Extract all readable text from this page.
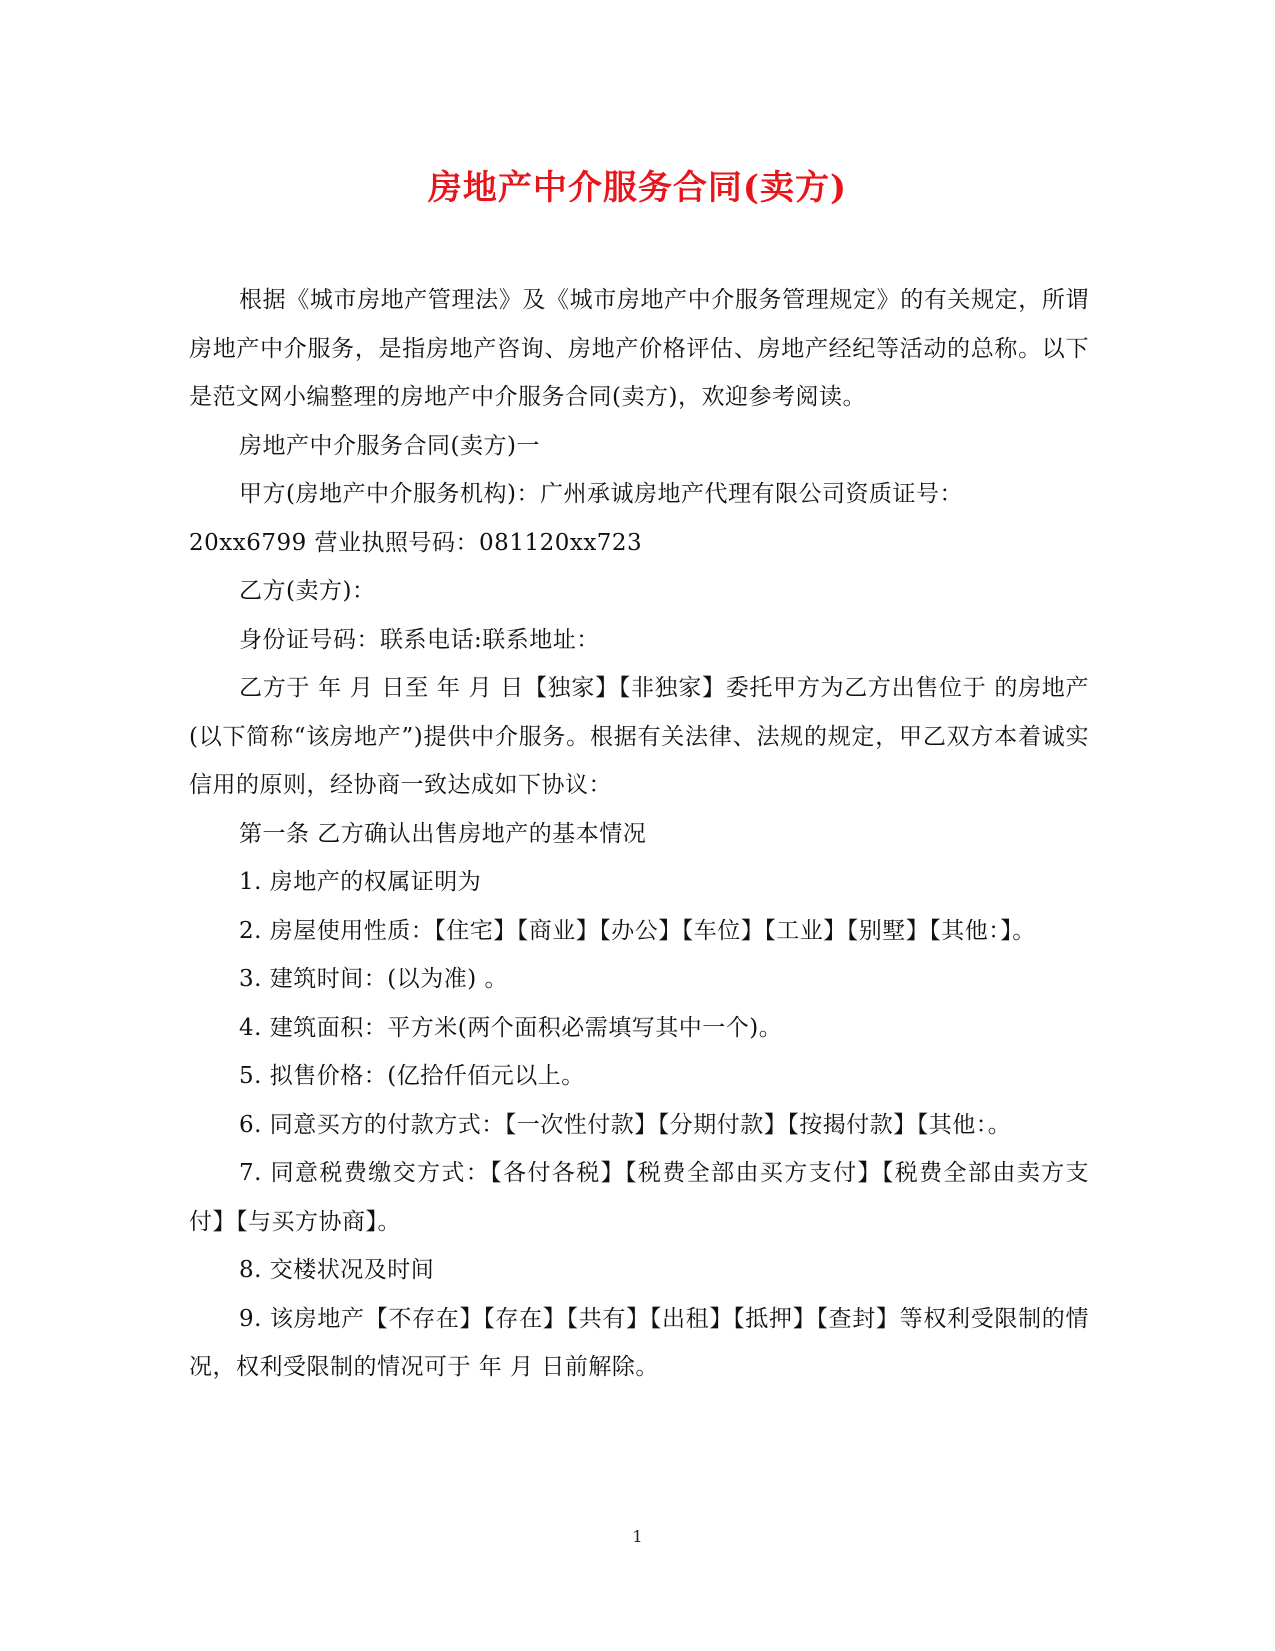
房地产中介服务合同(卖方)

根据《城市房地产管理法》及《城市房地产中介服务管理规定》的有关规定，所谓房地产中介服务，是指房地产咨询、房地产价格评估、房地产经纪等活动的总称。以下是范文网小编整理的房地产中介服务合同(卖方)，欢迎参考阅读。

房地产中介服务合同(卖方)一

甲方(房地产中介服务机构)：广州承诚房地产代理有限公司资质证号：

20xx6799 营业执照号码：081120xx723

乙方(卖方)：

身份证号码：联系电话:联系地址：

乙方于 年 月 日至 年 月 日【独家】【非独家】委托甲方为乙方出售位于 的房地产(以下简称“该房地产”)提供中介服务。根据有关法律、法规的规定，甲乙双方本着诚实信用的原则，经协商一致达成如下协议：

第一条 乙方确认出售房地产的基本情况

1. 房地产的权属证明为

2. 房屋使用性质：【住宅】【商业】【办公】【车位】【工业】【别墅】【其他：】。

3. 建筑时间：(以为准) 。

4. 建筑面积：平方米(两个面积必需填写其中一个)。

5. 拟售价格：(亿拾仟佰元以上。

6. 同意买方的付款方式：【一次性付款】【分期付款】【按揭付款】【其他：。

7. 同意税费缴交方式：【各付各税】【税费全部由买方支付】【税费全部由卖方支付】【与买方协商】。

8. 交楼状况及时间

9. 该房地产【不存在】【存在】【共有】【出租】【抵押】【查封】等权利受限制的情况，权利受限制的情况可于 年 月 日前解除。

1
